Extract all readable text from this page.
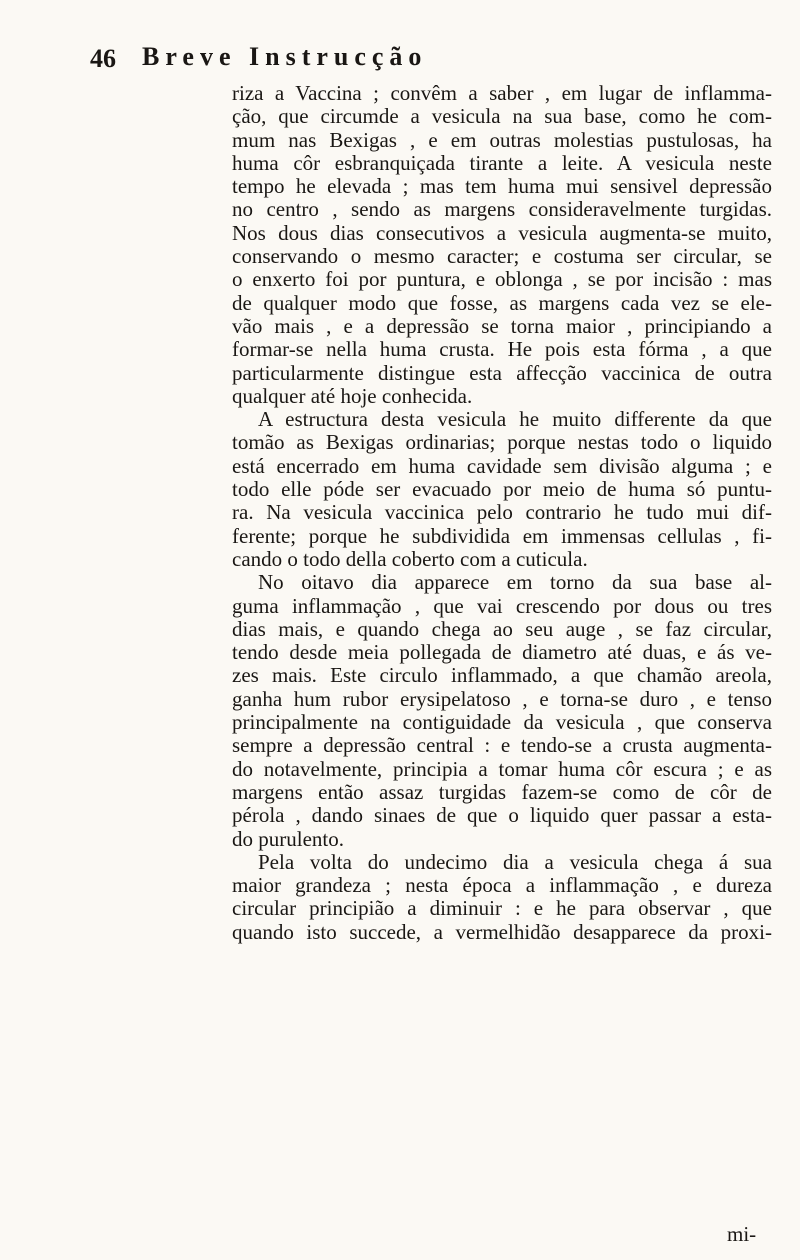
46 Breve Instrucção
riza a Vaccina ; convêm a saber , em lugar de inflamma-
ção, que circumde a vesicula na sua base, como he com-
mum nas Bexigas , e em outras molestias pustulosas, ha
huma côr esbranquiçada tirante a leite. A vesicula neste
tempo he elevada ; mas tem huma mui sensivel depressão
no centro , sendo as margens consideravelmente turgidas.
Nos dous dias consecutivos a vesicula augmenta-se muito,
conservando o mesmo caracter; e costuma ser circular, se
o enxerto foi por puntura, e oblonga , se por incisão : mas
de qualquer modo que fosse, as margens cada vez se ele-
vão mais , e a depressão se torna maior , principiando a
formar-se nella huma crusta. He pois esta fórma , a que
particularmente distingue esta affecção vaccinica de outra
qualquer até hoje conhecida.
A estructura desta vesicula he muito differente da que
tomão as Bexigas ordinarias; porque nestas todo o liquido
está encerrado em huma cavidade sem divisão alguma ; e
todo elle póde ser evacuado por meio de huma só puntu-
ra. Na vesicula vaccinica pelo contrario he tudo mui dif-
ferente; porque he subdividida em immensas cellulas , fi-
cando o todo della coberto com a cuticula.
No oitavo dia apparece em torno da sua base al-
guma inflammação , que vai crescendo por dous ou tres
dias mais, e quando chega ao seu auge , se faz circular,
tendo desde meia pollegada de diametro até duas, e ás ve-
zes mais. Este circulo inflammado, a que chamão areola,
ganha hum rubor erysipelatoso , e torna-se duro , e tenso
principalmente na contiguidade da vesicula , que conserva
sempre a depressão central : e tendo-se a crusta augmenta-
do notavelmente, principia a tomar huma côr escura ; e as
margens então assaz turgidas fazem-se como de côr de
pérola , dando sinaes de que o liquido quer passar a esta-
do purulento.
Pela volta do undecimo dia a vesicula chega á sua
maior grandeza ; nesta época a inflammação , e dureza
circular principião a diminuir : e he para observar , que
quando isto succede, a vermelhidão desapparece da proxi-
mi-
